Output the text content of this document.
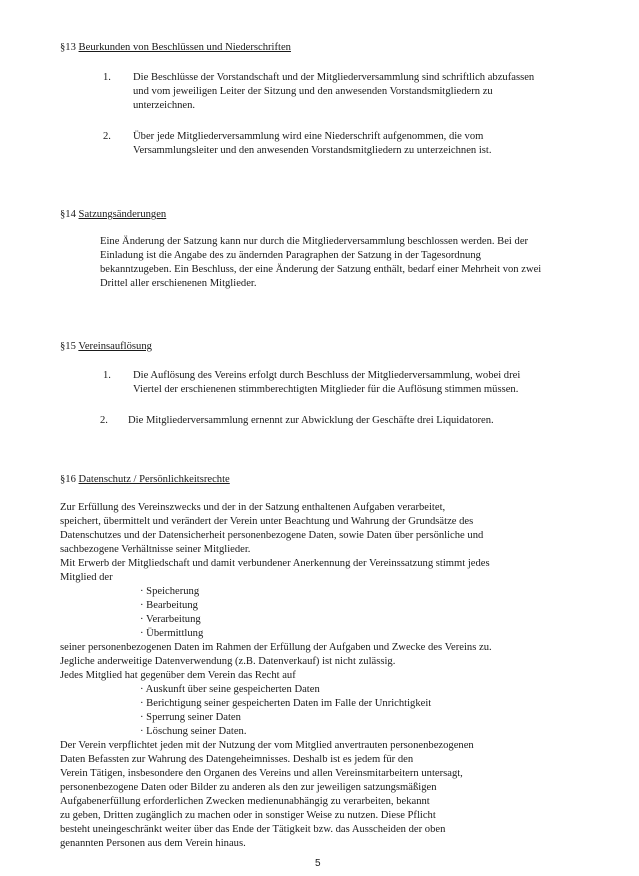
§13 Beurkunden von Beschlüssen und Niederschriften
1. Die Beschlüsse der Vorstandschaft und der Mitgliederversammlung sind schriftlich abzufassen
und vom jeweiligen Leiter der Sitzung und den anwesenden Vorstandsmitgliedern zu
unterzeichnen.
2. Über jede Mitgliederversammlung wird eine Niederschrift aufgenommen, die vom
Versammlungsleiter und den anwesenden Vorstandsmitgliedern zu unterzeichnen ist.
§14 Satzungsänderungen
Eine Änderung der Satzung kann nur durch die Mitgliederversammlung beschlossen werden. Bei der
Einladung ist die Angabe des zu ändernden Paragraphen der Satzung in der Tagesordnung
bekanntzugeben. Ein Beschluss, der eine Änderung der Satzung enthält, bedarf einer Mehrheit von zwei
Drittel aller erschienenen Mitglieder.
§15 Vereinsauflösung
1. Die Auflösung des Vereins erfolgt durch Beschluss der Mitgliederversammlung, wobei drei
Viertel der erschienenen stimmberechtigten Mitglieder für die Auflösung stimmen müssen.
2. Die Mitgliederversammlung ernennt zur Abwicklung der Geschäfte drei Liquidatoren.
§16 Datenschutz / Persönlichkeitsrechte
Zur Erfüllung des Vereinszwecks und der in der Satzung enthaltenen Aufgaben verarbeitet,
speichert, übermittelt und verändert der Verein unter Beachtung und Wahrung der Grundsätze des
Datenschutzes und der Datensicherheit personenbezogene Daten, sowie Daten über persönliche und
sachbezogene Verhältnisse seiner Mitglieder.
Mit Erwerb der Mitgliedschaft und damit verbundener Anerkennung der Vereinssatzung stimmt jedes
Mitglied der
· Speicherung
· Bearbeitung
· Verarbeitung
· Übermittlung
seiner personenbezogenen Daten im Rahmen der Erfüllung der Aufgaben und Zwecke des Vereins zu.
Jegliche anderweitige Datenverwendung (z.B. Datenverkauf) ist nicht zulässig.
Jedes Mitglied hat gegenüber dem Verein das Recht auf
· Auskunft über seine gespeicherten Daten
· Berichtigung seiner gespeicherten Daten im Falle der Unrichtigkeit
· Sperrung seiner Daten
· Löschung seiner Daten.
Der Verein verpflichtet jeden mit der Nutzung der vom Mitglied anvertrauten personenbezogenen
Daten Befassten zur Wahrung des Datengeheimnisses. Deshalb ist es jedem für den
Verein Tätigen, insbesondere den Organen des Vereins und allen Vereinsmitarbeitern untersagt,
personenbezogene Daten oder Bilder zu anderen als den zur jeweiligen satzungsmäßigen
Aufgabenerfüllung erforderlichen Zwecken medienunabhängig zu verarbeiten, bekannt
zu geben, Dritten zugänglich zu machen oder in sonstiger Weise zu nutzen. Diese Pflicht
besteht uneingeschränkt weiter über das Ende der Tätigkeit bzw. das Ausscheiden der oben
genannten Personen aus dem Verein hinaus.
5
